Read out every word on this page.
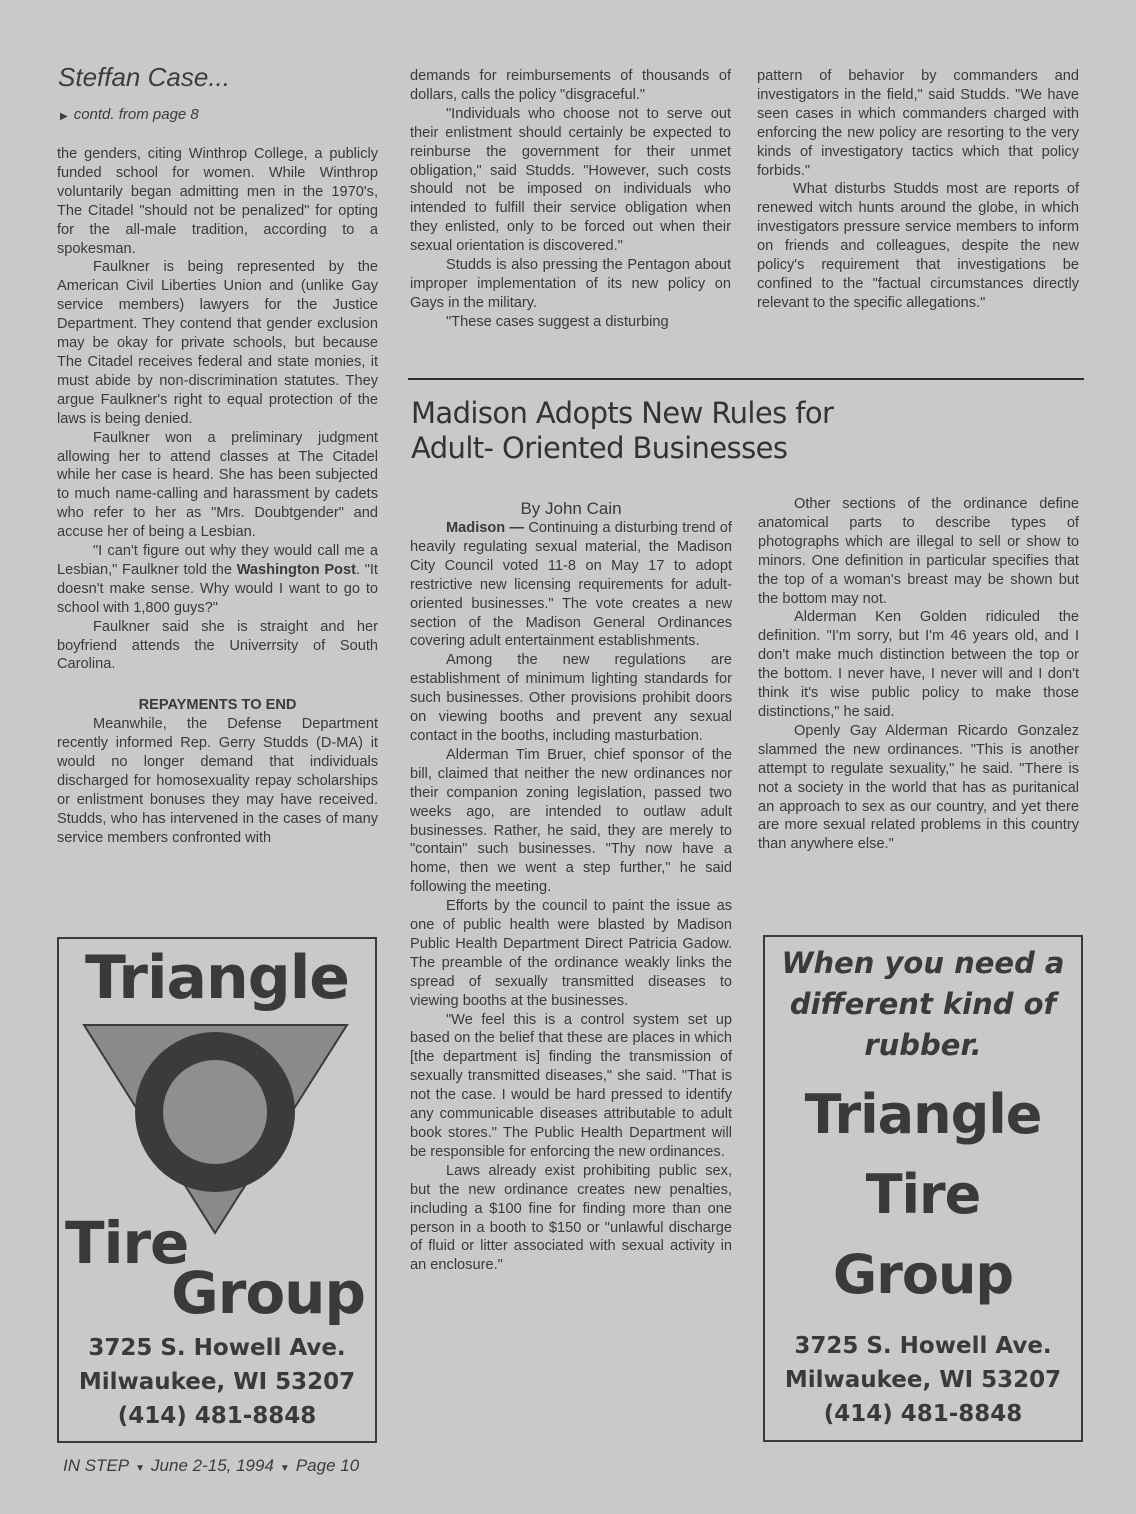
Steffan Case...
▶ contd. from page 8

the genders, citing Winthrop College, a publicly funded school for women. While Winthrop voluntarily began admitting men in the 1970's, The Citadel "should not be penalized" for opting for the all-male tradition, according to a spokesman.

Faulkner is being represented by the American Civil Liberties Union and (unlike Gay service members) lawyers for the Justice Department. They contend that gender exclusion may be okay for private schools, but because The Citadel receives federal and state monies, it must abide by non-discrimination statutes. They argue Faulkner's right to equal protection of the laws is being denied.

Faulkner won a preliminary judgment allowing her to attend classes at The Citadel while her case is heard. She has been subjected to much name-calling and harassment by cadets who refer to her as "Mrs. Doubtgender" and accuse her of being a Lesbian.

"I can't figure out why they would call me a Lesbian," Faulkner told the Washington Post. "It doesn't make sense. Why would I want to go to school with 1,800 guys?"

Faulkner said she is straight and her boyfriend attends the Univerrsity of South Carolina.

REPAYMENTS TO END

Meanwhile, the Defense Department recently informed Rep. Gerry Studds (D-MA) it would no longer demand that individuals discharged for homosexuality repay scholarships or enlistment bonuses they may have received. Studds, who has intervened in the cases of many service members confronted with

demands for reimbursements of thousands of dollars, calls the policy "disgraceful."

"Individuals who choose not to serve out their enlistment should certainly be expected to reinburse the government for their unmet obligation," said Studds. "However, such costs should not be imposed on individuals who intended to fulfill their service obligation when they enlisted, only to be forced out when their sexual orientation is discovered."

Studds is also pressing the Pentagon about improper implementation of its new policy on Gays in the military.

"These cases suggest a disturbing

pattern of behavior by commanders and investigators in the field," said Studds. "We have seen cases in which commanders charged with enforcing the new policy are resorting to the very kinds of investigatory tactics which that policy forbids."

What disturbs Studds most are reports of renewed witch hunts around the globe, in which investigators pressure service members to inform on friends and colleagues, despite the new policy's requirement that investigations be confined to the "factual circumstances directly relevant to the specific allegations."

Madison Adopts New Rules for
Adult- Oriented Businesses
By John Cain

Madison — Continuing a disturbing trend of heavily regulating sexual material, the Madison City Council voted 11-8 on May 17 to adopt restrictive new licensing requirements for adult-oriented businesses." The vote creates a new section of the Madison General Ordinances covering adult entertainment establishments.

Among the new regulations are establishment of minimum lighting standards for such businesses. Other provisions prohibit doors on viewing booths and prevent any sexual contact in the booths, including masturbation.

Alderman Tim Bruer, chief sponsor of the bill, claimed that neither the new ordinances nor their companion zoning legislation, passed two weeks ago, are intended to outlaw adult businesses. Rather, he said, they are merely to "contain" such businesses. "Thy now have a home, then we went a step further," he said following the meeting.

Efforts by the council to paint the issue as one of public health were blasted by Madison Public Health Department Direct Patricia Gadow. The preamble of the ordinance weakly links the spread of sexually transmitted diseases to viewing booths at the businesses.

"We feel this is a control system set up based on the belief that these are places in which [the department is] finding the transmission of sexually transmitted diseases," she said. "That is not the case. I would be hard pressed to identify any communicable diseases attributable to adult book stores." The Public Health Department will be responsible for enforcing the new ordinances.

Laws already exist prohibiting public sex, but the new ordinance creates new penalties, including a $100 fine for finding more than one person in a booth to $150 or "unlawful discharge of fluid or litter associated with sexual activity in an enclosure."

Other sections of the ordinance define anatomical parts to describe types of photographs which are illegal to sell or show to minors. One definition in particular specifies that the top of a woman's breast may be shown but the bottom may not.

Alderman Ken Golden ridiculed the definition. "I'm sorry, but I'm 46 years old, and I don't make much distinction between the top or the bottom. I never have, I never will and I don't think it's wise public policy to make those distinctions," he said.

Openly Gay Alderman Ricardo Gonzalez slammed the new ordinances. "This is another attempt to regulate sexuality," he said. "There is not a society in the world that has as puritanical an approach to sex as our country, and yet there are more sexual related problems in this country than anywhere else."

Triangle
Tire
Group
3725 S. Howell Ave.
Milwaukee, WI 53207
(414) 481-8848
When you need a
different kind of
rubber.
Triangle
Tire
Group
3725 S. Howell Ave.
Milwaukee, WI 53207
(414) 481-8848
IN STEP ▼ June 2-15, 1994 ▼ Page 10
